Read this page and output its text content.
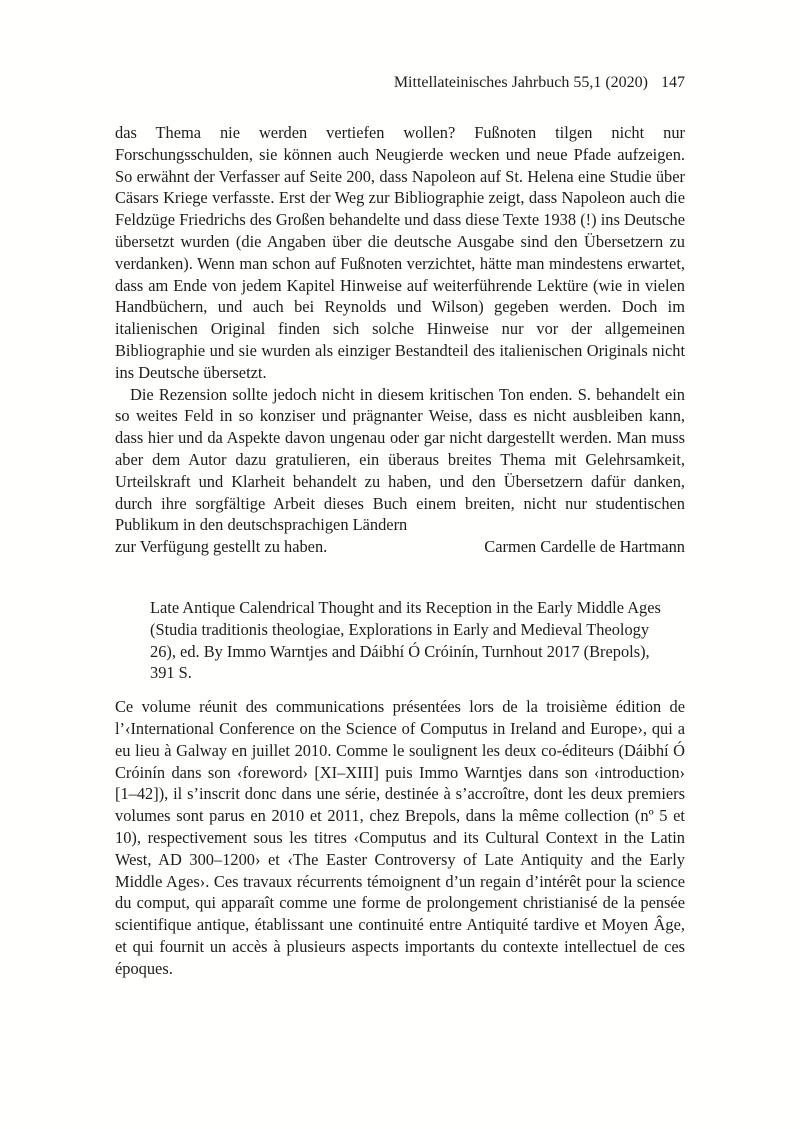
Mittellateinisches Jahrbuch 55,1 (2020) 147

das Thema nie werden vertiefen wollen? Fußnoten tilgen nicht nur Forschungsschulden, sie können auch Neugierde wecken und neue Pfade aufzeigen. So erwähnt der Verfasser auf Seite 200, dass Napoleon auf St. Helena eine Studie über Cäsars Kriege verfasste. Erst der Weg zur Bibliographie zeigt, dass Napoleon auch die Feldzüge Friedrichs des Großen behandelte und dass diese Texte 1938 (!) ins Deutsche übersetzt wurden (die Angaben über die deutsche Ausgabe sind den Übersetzern zu verdanken). Wenn man schon auf Fußnoten verzichtet, hätte man mindestens erwartet, dass am Ende von jedem Kapitel Hinweise auf weiterführende Lektüre (wie in vielen Handbüchern, und auch bei Reynolds und Wilson) gegeben werden. Doch im italienischen Original finden sich solche Hinweise nur vor der allgemeinen Bibliographie und sie wurden als einziger Bestandteil des italienischen Originals nicht ins Deutsche übersetzt.

Die Rezension sollte jedoch nicht in diesem kritischen Ton enden. S. behandelt ein so weites Feld in so konziser und prägnanter Weise, dass es nicht ausbleiben kann, dass hier und da Aspekte davon ungenau oder gar nicht dargestellt werden. Man muss aber dem Autor dazu gratulieren, ein überaus breites Thema mit Gelehrsamkeit, Urteilskraft und Klarheit behandelt zu haben, und den Übersetzern dafür danken, durch ihre sorgfältige Arbeit dieses Buch einem breiten, nicht nur studentischen Publikum in den deutschsprachigen Ländern

zur Verfügung gestellt zu haben.	Carmen Cardelle de Hartmann
Late Antique Calendrical Thought and its Reception in the Early Middle Ages (Studia traditionis theologiae, Explorations in Early and Medieval Theology 26), ed. By Immo Warntjes and Dáibhí Ó Cróinín, Turnhout 2017 (Brepols), 391 S.

Ce volume réunit des communications présentées lors de la troisième édition de l’‹International Conference on the Science of Computus in Ireland and Europe›, qui a eu lieu à Galway en juillet 2010. Comme le soulignent les deux co-éditeurs (Dáibhí Ó Cróinín dans son ‹foreword› [XI–XIII] puis Immo Warntjes dans son ‹introduction› [1–42]), il s’inscrit donc dans une série, destinée à s’accroître, dont les deux premiers volumes sont parus en 2010 et 2011, chez Brepols, dans la même collection (nº 5 et 10), respectivement sous les titres ‹Computus and its Cultural Context in the Latin West, AD 300–1200› et ‹The Easter Controversy of Late Antiquity and the Early Middle Ages›. Ces travaux récurrents témoignent d’un regain d’intérêt pour la science du comput, qui apparaît comme une forme de prolongement christianisé de la pensée scientifique antique, établissant une continuité entre Antiquité tardive et Moyen Âge, et qui fournit un accès à plusieurs aspects importants du contexte intellectuel de ces époques.
